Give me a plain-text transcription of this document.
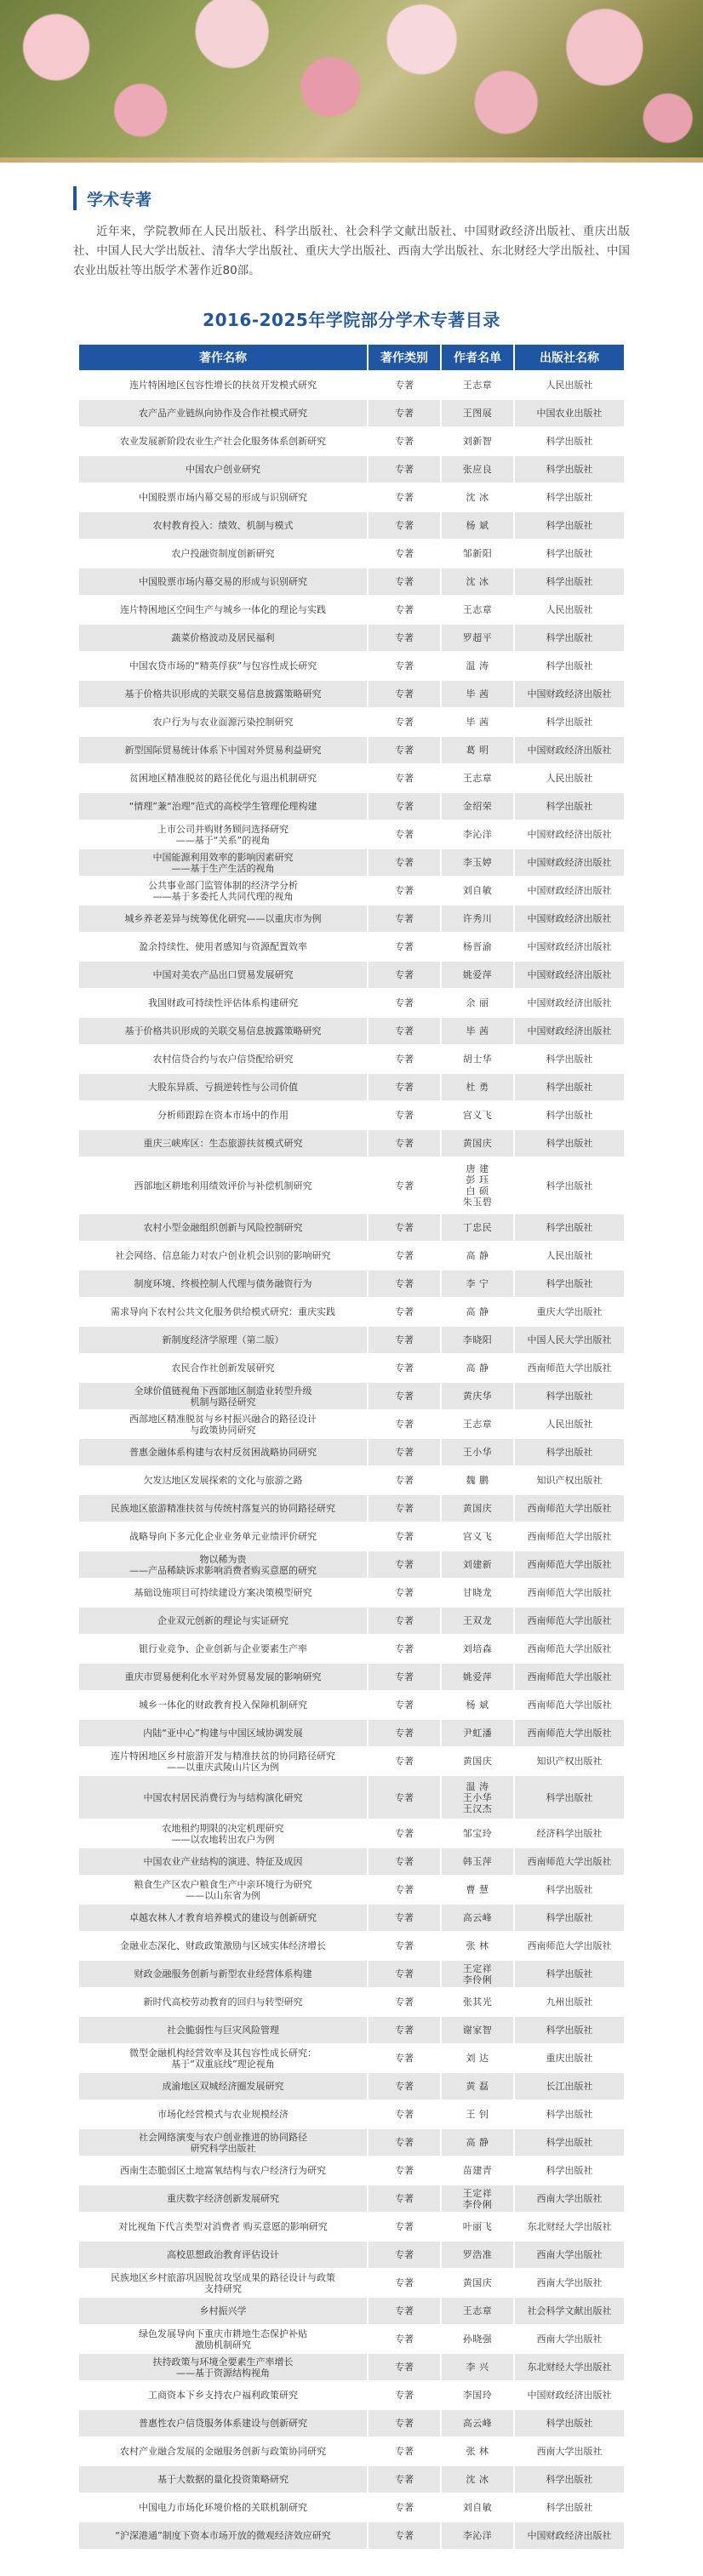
学术专著

近年来，学院教师在人民出版社、科学出版社、社会科学文献出版社、中国财政经济出版社、重庆出版社、中国人民大学出版社、清华大学出版社、重庆大学出版社、西南大学出版社、东北财经大学出版社、中国农业出版社等出版学术著作近80部。

2016-2025年学院部分学术专著目录
著作名称	著作类别	作者名单	出版社名称
连片特困地区包容性增长的扶贫开发模式研究	专著	王志章	人民出版社
农产品产业链纵向协作及合作社模式研究	专著	王图展	中国农业出版社
农业发展新阶段农业生产社会化服务体系创新研究	专著	刘新智	科学出版社
中国农户创业研究	专著	张应良	科学出版社
中国股票市场内幕交易的形成与识别研究	专著	沈 冰	科学出版社
农村教育投入：绩效、机制与模式	专著	杨 斌	科学出版社
农户投融资制度创新研究	专著	邹新阳	科学出版社
中国股票市场内幕交易的形成与识别研究	专著	沈 冰	科学出版社
连片特困地区空间生产与城乡一体化的理论与实践	专著	王志章	人民出版社
蔬菜价格波动及居民福利	专著	罗超平	科学出版社
中国农贷市场的“精英俘获”与包容性成长研究	专著	温 涛	科学出版社
基于价格共识形成的关联交易信息披露策略研究	专著	毕 茜	中国财政经济出版社
农户行为与农业面源污染控制研究	专著	毕 茜	科学出版社
新型国际贸易统计体系下中国对外贸易利益研究	专著	葛 明	中国财政经济出版社
贫困地区精准脱贫的路径优化与退出机制研究	专著	王志章	人民出版社
“情理”兼“治理”范式的高校学生管理伦理构建	专著	金绍荣	科学出版社
上市公司并购财务顾问选择研究
——基于“关系”的视角	专著	李沁洋	中国财政经济出版社
中国能源利用效率的影响因素研究
——基于生产生活的视角	专著	李玉婷	中国财政经济出版社
公共事业部门监管体制的经济学分析
——基于多委托人共同代理的视角	专著	刘自敏	中国财政经济出版社
城乡养老差异与统筹优化研究——以重庆市为例	专著	许秀川	中国财政经济出版社
盈余持续性、使用者感知与资源配置效率	专著	杨晋渝	中国财政经济出版社
中国对美农产品出口贸易发展研究	专著	姚爱萍	中国财政经济出版社
我国财政可持续性评估体系构建研究	专著	余 丽	中国财政经济出版社
基于价格共识形成的关联交易信息披露策略研究	专著	毕 茜	中国财政经济出版社
农村信贷合约与农户信贷配给研究	专著	胡士华	科学出版社
大股东异质、亏损逆转性与公司价值	专著	杜 勇	科学出版社
分析师跟踪在资本市场中的作用	专著	宫义飞	科学出版社
重庆三峡库区：生态旅游扶贫模式研究	专著	黄国庆	科学出版社
西部地区耕地利用绩效评价与补偿机制研究	专著	唐 建
彭 珏
白 硕
朱玉碧	科学出版社
农村小型金融组织创新与风险控制研究	专著	丁忠民	科学出版社
社会网络、信息能力对农户创业机会识别的影响研究	专著	高 静	人民出版社
制度环境、终极控制人代理与债务融资行为	专著	李 宁	科学出版社
需求导向下农村公共文化服务供给模式研究：重庆实践	专著	高 静	重庆大学出版社
新制度经济学原理（第二版）	专著	李晓阳	中国人民大学出版社
农民合作社创新发展研究	专著	高 静	西南师范大学出版社
全球价值链视角下西部地区制造业转型升级
机制与路径研究	专著	黄庆华	科学出版社
西部地区精准脱贫与乡村振兴融合的路径设计
与政策协同研究	专著	王志章	人民出版社
普惠金融体系构建与农村反贫困战略协同研究	专著	王小华	科学出版社
欠发达地区发展探索的文化与旅游之路	专著	魏 鹏	知识产权出版社
民族地区旅游精准扶贫与传统村落复兴的协同路径研究	专著	黄国庆	西南师范大学出版社
战略导向下多元化企业业务单元业绩评价研究	专著	宫义飞	西南师范大学出版社
物以稀为贵
——产品稀缺诉求影响消费者购买意愿的研究	专著	刘建新	西南师范大学出版社
基础设施项目可持续建设方案决策模型研究	专著	甘晓龙	西南师范大学出版社
企业双元创新的理论与实证研究	专著	王双龙	西南师范大学出版社
银行业竞争、企业创新与企业要素生产率	专著	刘培森	西南师范大学出版社
重庆市贸易便利化水平对外贸易发展的影响研究	专著	姚爱萍	西南师范大学出版社
城乡一体化的财政教育投入保障机制研究	专著	杨 斌	西南师范大学出版社
内陆“亚中心”构建与中国区域协调发展	专著	尹虹潘	西南师范大学出版社
连片特困地区乡村旅游开发与精准扶贫的协同路径研究
——以重庆武陵山片区为例	专著	黄国庆	知识产权出版社
中国农村居民消费行为与结构演化研究	专著	温 涛
王小华
王汉杰	科学出版社
农地租约期限的决定机理研究
——以农地转出农户为例	专著	邹宝玲	经济科学出版社
中国农业产业结构的演进、特征及成因	专著	韩玉萍	西南师范大学出版社
粮食生产区农户粮食生产中亲环境行为研究
——以山东省为例	专著	曹 慧	科学出版社
卓越农林人才教育培养模式的建设与创新研究	专著	高云峰	科学出版社
金融业态深化、财政政策激励与区域实体经济增长	专著	张 林	西南师范大学出版社
财政金融服务创新与新型农业经营体系构建	专著	王定祥
李伶俐	科学出版社
新时代高校劳动教育的回归与转型研究	专著	张其光	九州出版社
社会脆弱性与巨灾风险管理	专著	谢家智	科学出版社
微型金融机构经营效率及其包容性成长研究：
基于“双重底线”理论视角	专著	刘 达	重庆出版社
成渝地区双城经济圈发展研究	专著	黄 磊	长江出版社
市场化经营模式与农业规模经济	专著	王 钊	科学出版社
社会网络演变与农户创业推进的协同路径
研究科学出版社	专著	高 静	科学出版社
西南生态脆弱区土地富氧结构与农户经济行为研究	专著	苗建青	科学出版社
重庆数字经济创新发展研究	专著	王定祥
李伶俐	西南大学出版社
对比视角下代言类型对消费者 购买意愿的影响研究	专著	叶丽飞	东北财经大学出版社
高校思想政治教育评估设计	专著	罗浩准	西南大学出版社
民族地区乡村旅游巩固脱贫攻坚成果的路径设计与政策
支持研究	专著	黄国庆	西南大学出版社
乡村振兴学	专著	王志章	社会科学文献出版社
绿色发展导向下重庆市耕地生态保护补贴
激励机制研究	专著	孙晓强	西南大学出版社
扶持政策与环境全要素生产率增长
——基于资源结构视角	专著	李 兴	东北财经大学出版社
工商资本下乡支持农户福利政策研究	专著	李国玲	中国财政经济出版社
普惠性农户信贷服务体系建设与创新研究	专著	高云峰	科学出版社
农村产业融合发展的金融服务创新与政策协同研究	专著	张 林	西南大学出版社
基于大数据的量化投资策略研究	专著	沈 冰	科学出版社
中国电力市场化环境价格的关联机制研究	专著	刘自敏	科学出版社
“沪深港通”制度下资本市场开放的微观经济效应研究	专著	李沁洋	中国财政经济出版社
